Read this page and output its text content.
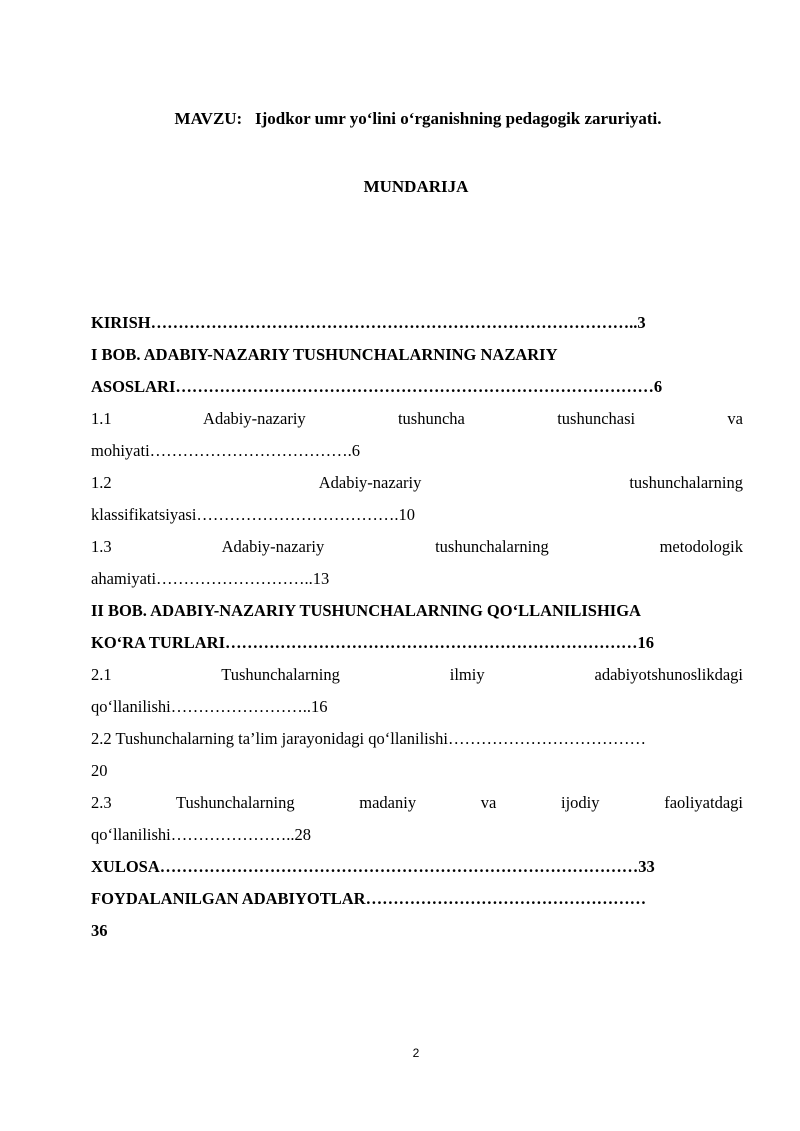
MAVZU:   Ijodkor umr yo‘lini o‘rganishning pedagogik zaruriyati.
MUNDARIJA
KIRISH……………………………………………………………………………..3
I BOB. ADABIY-NAZARIY TUSHUNCHALARNING NAZARIY
ASOSLARI……………………………………………………………………………6
1.1 Adabiy-nazariy tushuncha tushunchasi va
mohiyati……………………………….6
1.2 Adabiy-nazariy tushunchalarning
klassifikatsiyasi……………………………….10
1.3 Adabiy-nazariy tushunchalarning metodologik
ahamiyati………………………..13
II BOB. ADABIY-NAZARIY TUSHUNCHALARNING QO‘LLANILISHIGA
KO‘RA TURLARI…………………………………………………………………16
2.1 Tushunchalarning ilmiy adabiyotshunoslikdagi
qo‘llanilishi……………………..16
2.2 Tushunchalarning ta’lim jarayonidagi qo‘llanilishi………………………………
20
2.3 Tushunchalarning madaniy va ijodiy faoliyatdagi
qo‘llanilishi…………………..28
XULOSA……………………………………………………………………………33
FOYDALANILGAN ADABIYOTLAR……………………………………………
36
2
